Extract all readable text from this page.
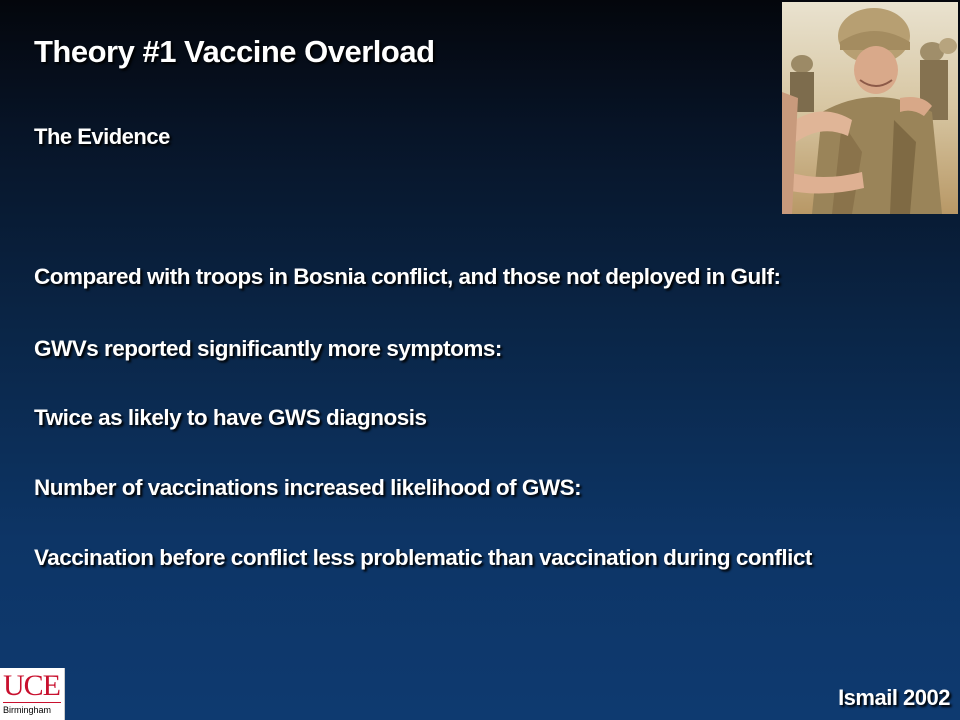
Theory #1 Vaccine Overload
The Evidence
Compared with troops in Bosnia conflict, and those not deployed in Gulf:
GWVs reported significantly more symptoms:
Twice as likely to have GWS diagnosis
Number of vaccinations increased likelihood of GWS:
Vaccination before conflict less problematic than vaccination during conflict
Ismail 2002
UCE
Birmingham
